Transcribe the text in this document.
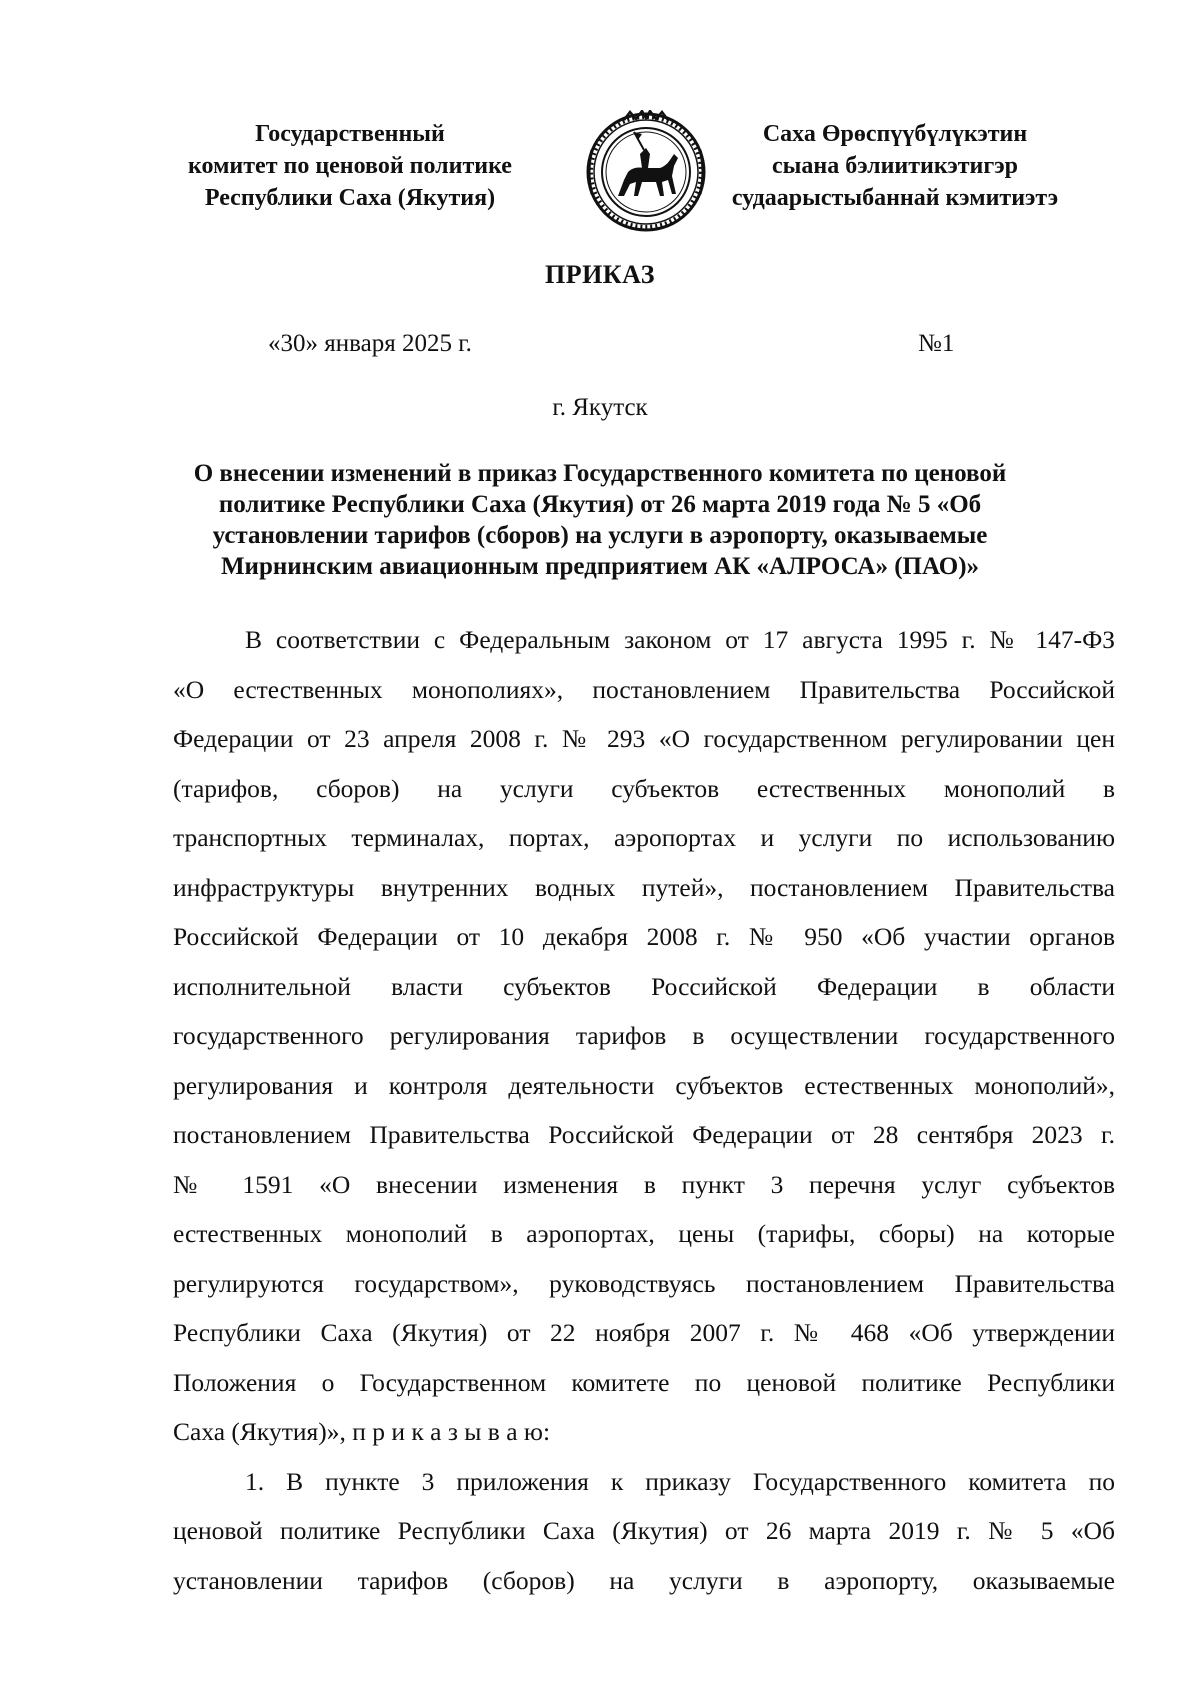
Государственный
комитет по ценовой политике
Республики Саха (Якутия)
Саха Өрөспүүбүлүкэтин
сыана бэлиитикэтигэр
судаарыстыбаннай кэмитиэтэ
ПРИКАЗ
«30» января 2025 г.	№1
г. Якутск
О внесении изменений в приказ Государственного комитета по ценовой
политике Республики Саха (Якутия) от 26 марта 2019 года № 5 «Об
установлении тарифов (сборов) на услуги в аэропорту, оказываемые
Мирнинским авиационным предприятием АК «АЛРОСА» (ПАО)»
В соответствии с Федеральным законом от 17 августа 1995 г. № 147-ФЗ
«О естественных монополиях», постановлением Правительства Российской
Федерации от 23 апреля 2008 г. № 293 «О государственном регулировании цен
(тарифов, сборов) на услуги субъектов естественных монополий в
транспортных терминалах, портах, аэропортах и услуги по использованию
инфраструктуры внутренних водных путей», постановлением Правительства
Российской Федерации от 10 декабря 2008 г. № 950 «Об участии органов
исполнительной власти субъектов Российской Федерации в области
государственного регулирования тарифов в осуществлении государственного
регулирования и контроля деятельности субъектов естественных монополий»,
постановлением Правительства Российской Федерации от 28 сентября 2023 г.
№ 1591 «О внесении изменения в пункт 3 перечня услуг субъектов
естественных монополий в аэропортах, цены (тарифы, сборы) на которые
регулируются государством», руководствуясь постановлением Правительства
Республики Саха (Якутия) от 22 ноября 2007 г. № 468 «Об утверждении
Положения о Государственном комитете по ценовой политике Республики
Саха (Якутия)», п р и к а з ы в а ю:
1. В пункте 3 приложения к приказу Государственного комитета по
ценовой политике Республики Саха (Якутия) от 26 марта 2019 г. № 5 «Об
установлении тарифов (сборов) на услуги в аэропорту, оказываемые
